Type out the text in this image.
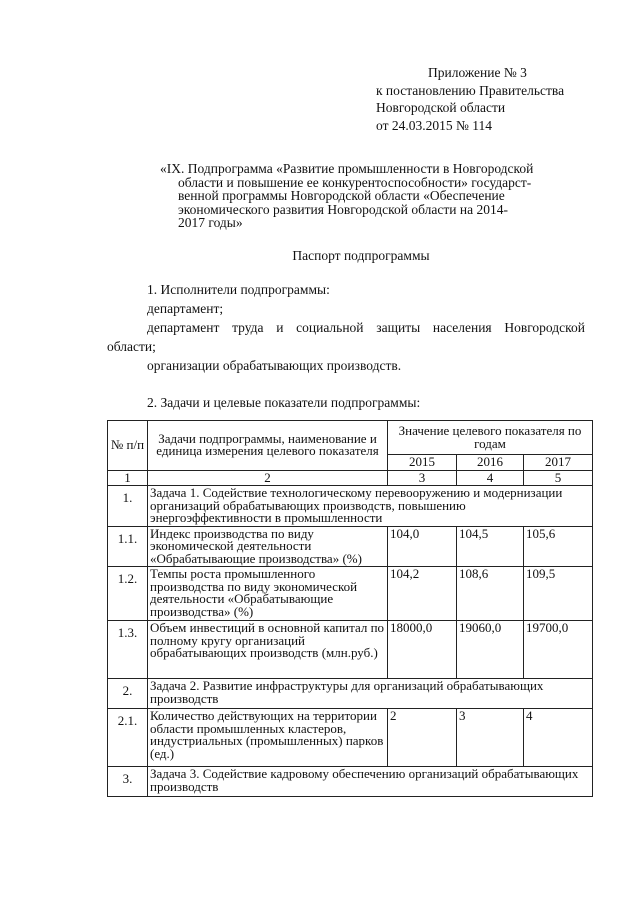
Приложение № 3
к постановлению Правительства
Новгородской области
от 24.03.2015 № 114
«IX. Подпрограмма «Развитие промышленности в Новгородской
области и повышение ее конкурентоспособности» государст-
венной программы Новгородской области «Обеспечение
экономического развития Новгородской области на 2014-
2017 годы»
Паспорт подпрограммы
1. Исполнители подпрограммы:
департамент;
департамент труда и социальной защиты населения Новгородской
области;
организации обрабатывающих производств.
2. Задачи и целевые показатели подпрограммы:
№ п/п	Задачи подпрограммы, наименование и единица измерения целевого показателя	Значение целевого показателя по годам		
		2015	2016	2017
1	2	3	4	5
1.	Задача 1. Содействие технологическому перевооружению и модернизации организаций обрабатывающих производств, повышению энергоэффективности в промышленности			
1.1.	Индекс производства по виду экономической деятельности «Обрабатывающие производства» (%)	104,0	104,5	105,6
1.2.	Темпы роста промышленного производства по виду экономической деятельности «Обрабатывающие производства» (%)	104,2	108,6	109,5
1.3.	Объем инвестиций в основной капитал по полному кругу организаций обрабатывающих производств (млн.руб.)	18000,0	19060,0	19700,0
2.	Задача 2. Развитие инфраструктуры для организаций обрабатывающих производств			
2.1.	Количество действующих на территории области промышленных кластеров, индустриальных (промышленных) парков (ед.)	2	3	4
3.	Задача 3. Содействие кадровому обеспечению организаций обрабатывающих производств			
